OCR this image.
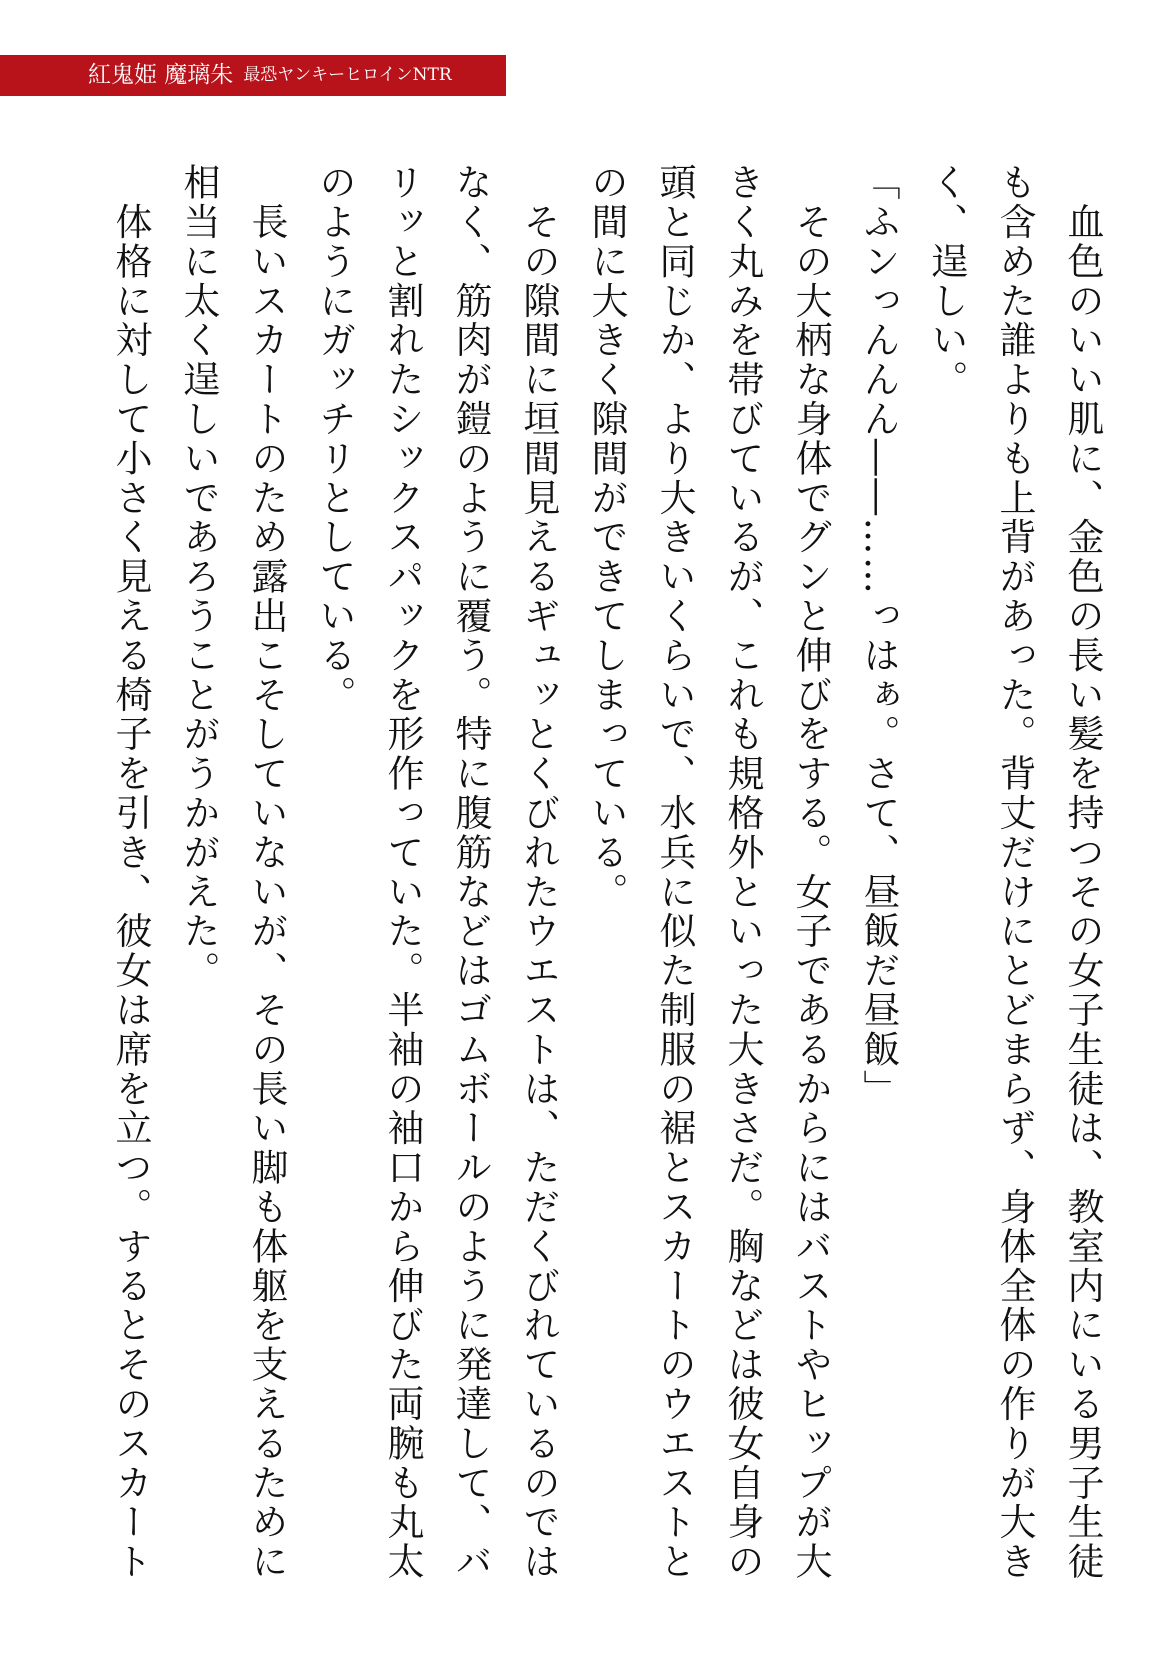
紅鬼姫 魔璃朱 最恐ヤンキーヒロインNTR
　血色のいい肌に、金色の長い髪を持つその女子生徒は、教室内にいる男子生徒
も含めた誰よりも上背があった。背丈だけにとどまらず、身体全体の作りが大き
く、逞しい。
「ふンっんんん――……っはぁ。さて、昼飯だ昼飯」
　その大柄な身体でグンと伸びをする。女子であるからにはバストやヒップが大
きく丸みを帯びているが、これも規格外といった大きさだ。胸などは彼女自身の
頭と同じか、より大きいくらいで、水兵に似た制服の裾とスカートのウエストと
の間に大きく隙間ができてしまっている。
　その隙間に垣間見えるギュッとくびれたウエストは、ただくびれているのでは
なく、筋肉が鎧のように覆う。特に腹筋などはゴムボールのように発達して、バ
リッと割れたシックスパックを形作っていた。半袖の袖口から伸びた両腕も丸太
のようにガッチリとしている。
　長いスカートのため露出こそしていないが、その長い脚も体躯を支えるために
相当に太く逞しいであろうことがうかがえた。
　体格に対して小さく見える椅子を引き、彼女は席を立つ。するとそのスカート
